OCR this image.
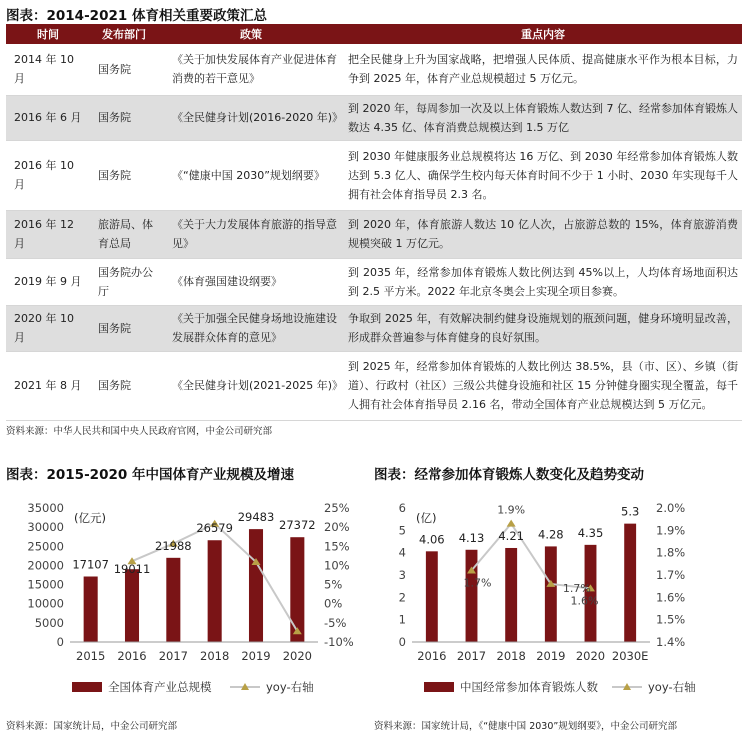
图表：2014-2021 体育相关重要政策汇总
时间	发布部门	政策	重点内容
2014 年 10 月	国务院	《关于加快发展体育产业促进体育消费的若干意见》	把全民健身上升为国家战略，把增强人民体质、提高健康水平作为根本目标，力争到 2025 年，体育产业总规模超过 5 万亿元。
2016 年 6 月	国务院	《全民健身计划(2016-2020 年)》	到 2020 年，每周参加一次及以上体育锻炼人数达到 7 亿、经常参加体育锻炼人数达 4.35 亿、体育消费总规模达到 1.5 万亿
2016 年 10 月	国务院	《“健康中国 2030”规划纲要》	到 2030 年健康服务业总规模将达 16 万亿、到 2030 年经常参加体育锻炼人数达到 5.3 亿人、确保学生校内每天体育时间不少于 1 小时、2030 年实现每千人拥有社会体育指导员 2.3 名。
2016 年 12 月	旅游局、体育总局	《关于大力发展体育旅游的指导意见》	到 2020 年，体育旅游人数达 10 亿人次，占旅游总数的 15%，体育旅游消费规模突破 1 万亿元。
2019 年 9 月	国务院办公厅	《体育强国建设纲要》	到 2035 年，经常参加体育锻炼人数比例达到 45%以上，人均体育场地面积达到 2.5 平方米。2022 年北京冬奥会上实现全项目参赛。
2020 年 10 月	国务院	《关于加强全民健身场地设施建设发展群众体育的意见》	争取到 2025 年，有效解决制约健身设施规划的瓶颈问题，健身环境明显改善，形成群众普遍参与体育健身的良好氛围。
2021 年 8 月	国务院	《全民健身计划(2021-2025 年)》	到 2025 年，经常参加体育锻炼的人数比例达 38.5%，县（市、区）、乡镇（街道）、行政村（社区）三级公共健身设施和社区 15 分钟健身圈实现全覆盖，每千人拥有社会体育指导员 2.16 名，带动全国体育产业总规模达到 5 万亿元。
资料来源：中华人民共和国中央人民政府官网，中金公司研究部
图表：2015-2020 年中国体育产业规模及增速
0
5000
10000
15000
20000
25000
30000
35000
-10%
-5%
0%
5%
10%
15%
20%
25%
(亿元)
2015 2016 2017 2018 2019 2020
17107 19011
21988
26579
29483
27372
全国体育产业总规模	yoy-右轴
资料来源：国家统计局，中金公司研究部
图表：经常参加体育锻炼人数变化及趋势变动
0
1
2
3
4
5
6
1.4%
1.5%
1.6%
1.7%
1.8%
1.9%
2.0%
(亿)
2016 2017 2018 2019 2020 2030E
4.06 4.13 4.21 4.28 4.35
5.3
1.7%
1.9%
1.7%
1.6%
中国经常参加体育锻炼人数	yoy-右轴
资料来源：国家统计局，《“健康中国 2030”规划纲要》，中金公司研究部
